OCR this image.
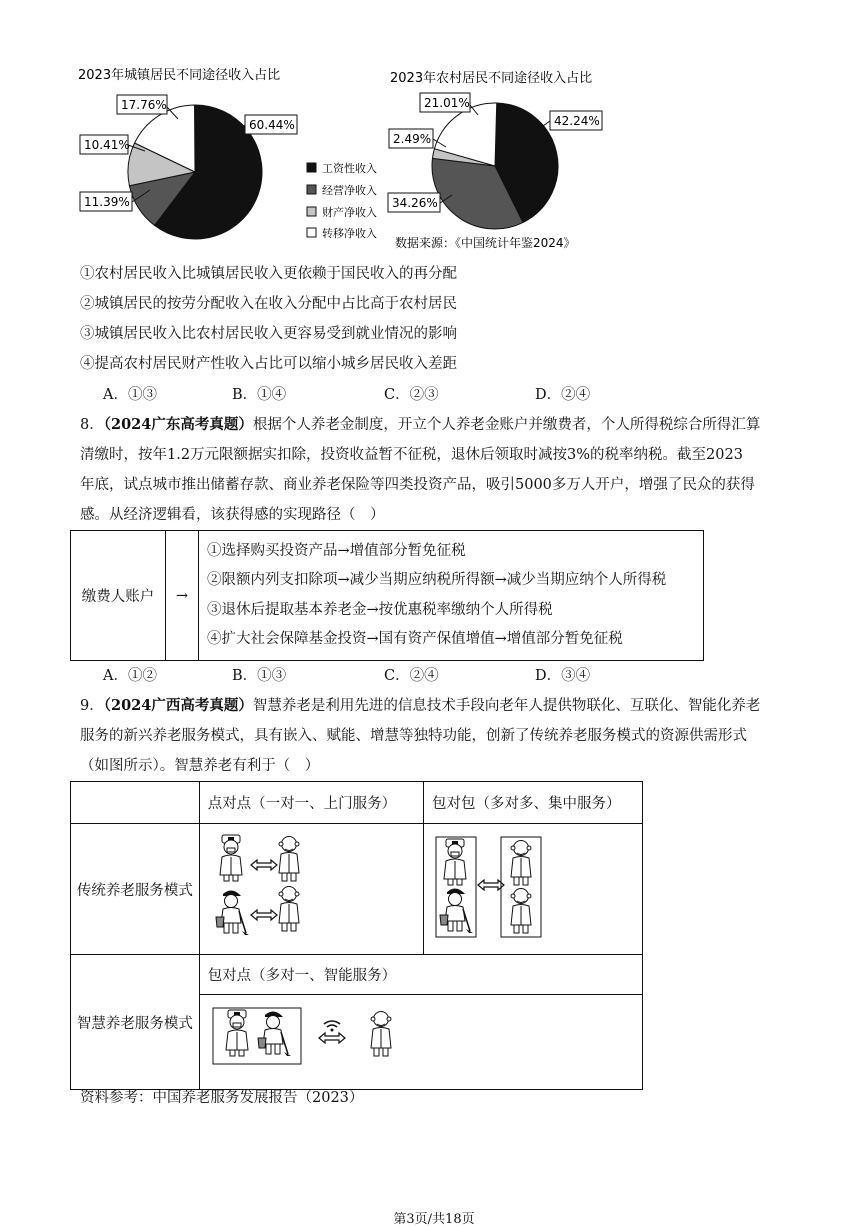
2023年城镇居民不同途径收入占比	2023年农村居民不同途径收入占比
60.44%
11.39%
10.41%
17.76%
42.24%
34.26%
2.49%
21.01%
工资性收入
经营净收入
财产净收入
转移净收入
数据来源：《中国统计年鉴2024》
①农村居民收入比城镇居民收入更依赖于国民收入的再分配
②城镇居民的按劳分配收入在收入分配中占比高于农村居民
③城镇居民收入比农村居民收入更容易受到就业情况的影响
④提高农村居民财产性收入占比可以缩小城乡居民收入差距
A．①③	B．①④	C．②③	D．②④
8．（2024广东高考真题）根据个人养老金制度，开立个人养老金账户并缴费者，个人所得税综合所得汇算
清缴时，按年1.2万元限额据实扣除，投资收益暂不征税，退休后领取时减按3%的税率纳税。截至2023
年底，试点城市推出储蓄存款、商业养老保险等四类投资产品，吸引5000多万人开户，增强了民众的获得
感。从经济逻辑看，该获得感的实现路径（　）
缴费人账户	→	
①选择购买投资产品→增值部分暂免征税
②限额内列支扣除项→减少当期应纳税所得额→减少当期应纳个人所得税
③退休后提取基本养老金→按优惠税率缴纳个人所得税
④扩大社会保障基金投资→国有资产保值增值→增值部分暂免征税
A．①②	B．①③	C．②④	D．③④
9．（2024广西高考真题）智慧养老是利用先进的信息技术手段向老年人提供物联化、互联化、智能化养老
服务的新兴养老服务模式，具有嵌入、赋能、增慧等独特功能，创新了传统养老服务模式的资源供需形式
（如图所示）。智慧养老有利于（　）
	点对点（一对一、上门服务）	包对包（多对多、集中服务）
传统养老服务模式	

智慧养老服务模式	包对点（多对一、智能服务）	

资料参考：中国养老服务发展报告（2023）
第3页/共18页
